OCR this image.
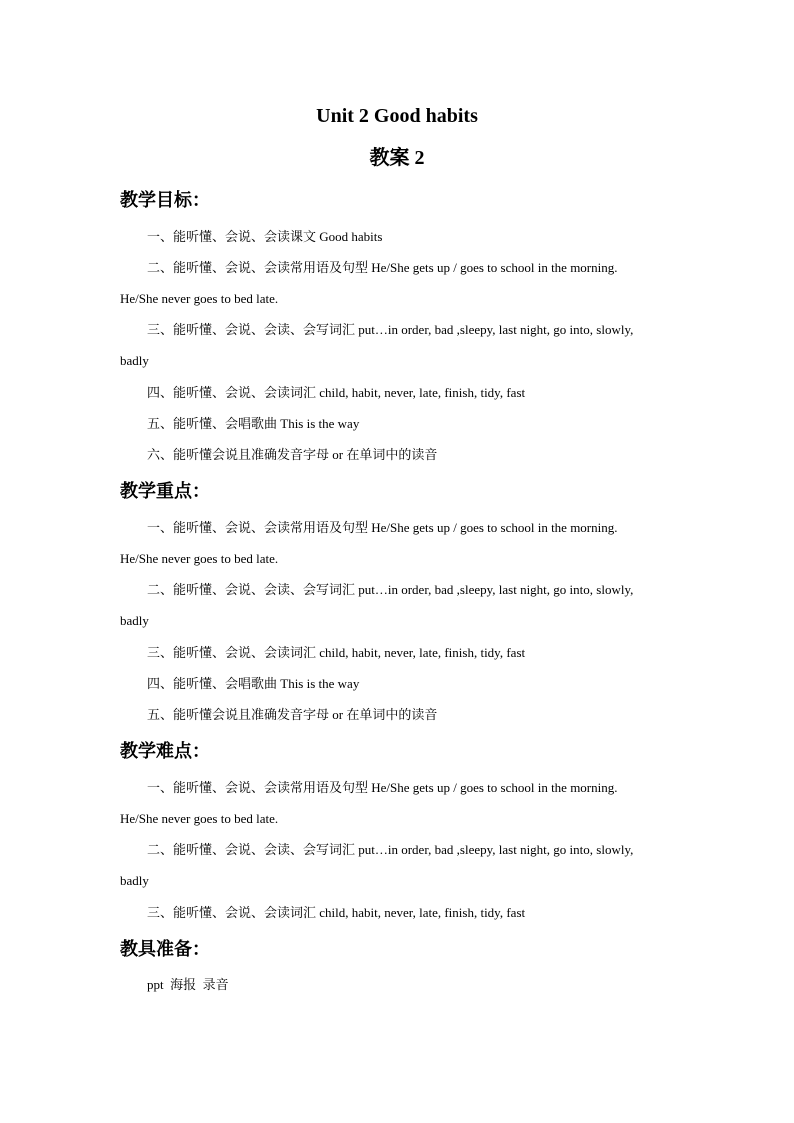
Unit 2 Good habits
教案 2
教学目标：
一、能听懂、会说、会读课文 Good habits
二、能听懂、会说、会读常用语及句型 He/She gets up / goes to school in the morning.
He/She never goes to bed late.
三、能听懂、会说、会读、会写词汇 put…in order, bad ,sleepy, last night, go into, slowly,
badly
四、能听懂、会说、会读词汇 child, habit, never, late, finish, tidy, fast
五、能听懂、会唱歌曲 This is the way
六、能听懂会说且准确发音字母 or 在单词中的读音
教学重点：
一、能听懂、会说、会读常用语及句型 He/She gets up / goes to school in the morning.
He/She never goes to bed late.
二、能听懂、会说、会读、会写词汇 put…in order, bad ,sleepy, last night, go into, slowly,
badly
三、能听懂、会说、会读词汇 child, habit, never, late, finish, tidy, fast
四、能听懂、会唱歌曲 This is the way
五、能听懂会说且准确发音字母 or 在单词中的读音
教学难点：
一、能听懂、会说、会读常用语及句型 He/She gets up / goes to school in the morning.
He/She never goes to bed late.
二、能听懂、会说、会读、会写词汇 put…in order, bad ,sleepy, last night, go into, slowly,
badly
三、能听懂、会说、会读词汇 child, habit, never, late, finish, tidy, fast
教具准备：
ppt  海报  录音
